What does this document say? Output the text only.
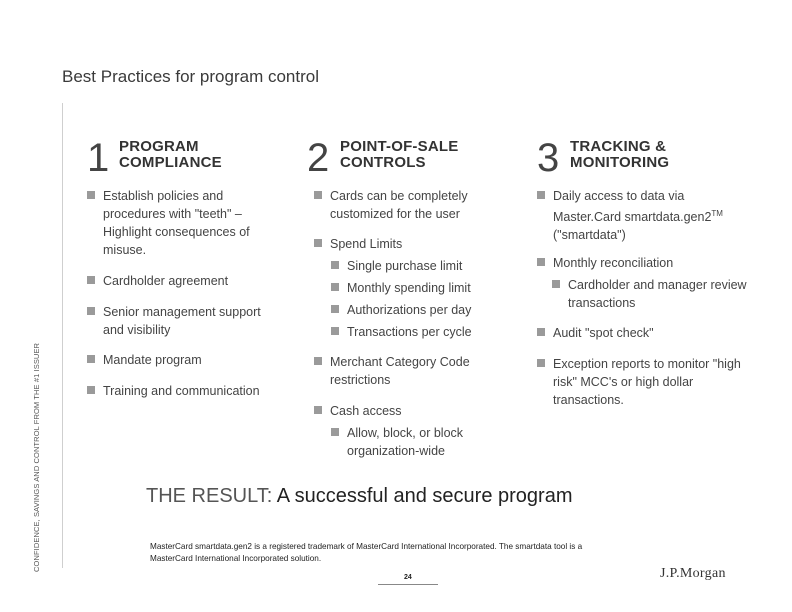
Best Practices for program control
CONFIDENCE, SAVINGS AND CONTROL FROM THE #1 ISSUER
1 PROGRAM
COMPLIANCE
Establish policies and
procedures with "teeth" –
Highlight consequences of
misuse.
Cardholder agreement
Senior management support
and visibility
Mandate program
Training and communication
2 POINT-OF-SALE
CONTROLS
Cards can be completely
customized for the user
Spend Limits
Single purchase limit
Monthly spending limit
Authorizations per day
Transactions per cycle
Merchant Category Code
restrictions
Cash access
Allow, block, or block
organization-wide
3 TRACKING &
MONITORING
Daily access to data via
Master.Card smartdata.gen2™
("smartdata")
Monthly reconciliation
Cardholder and manager review
transactions
Audit "spot check"
Exception reports to monitor "high
risk" MCC's or high dollar
transactions.
THE RESULT: A successful and secure program
MasterCard smartdata.gen2 is a registered trademark of MasterCard International Incorporated. The smartdata tool is a
MasterCard International Incorporated solution.
24	J.P.Morgan
